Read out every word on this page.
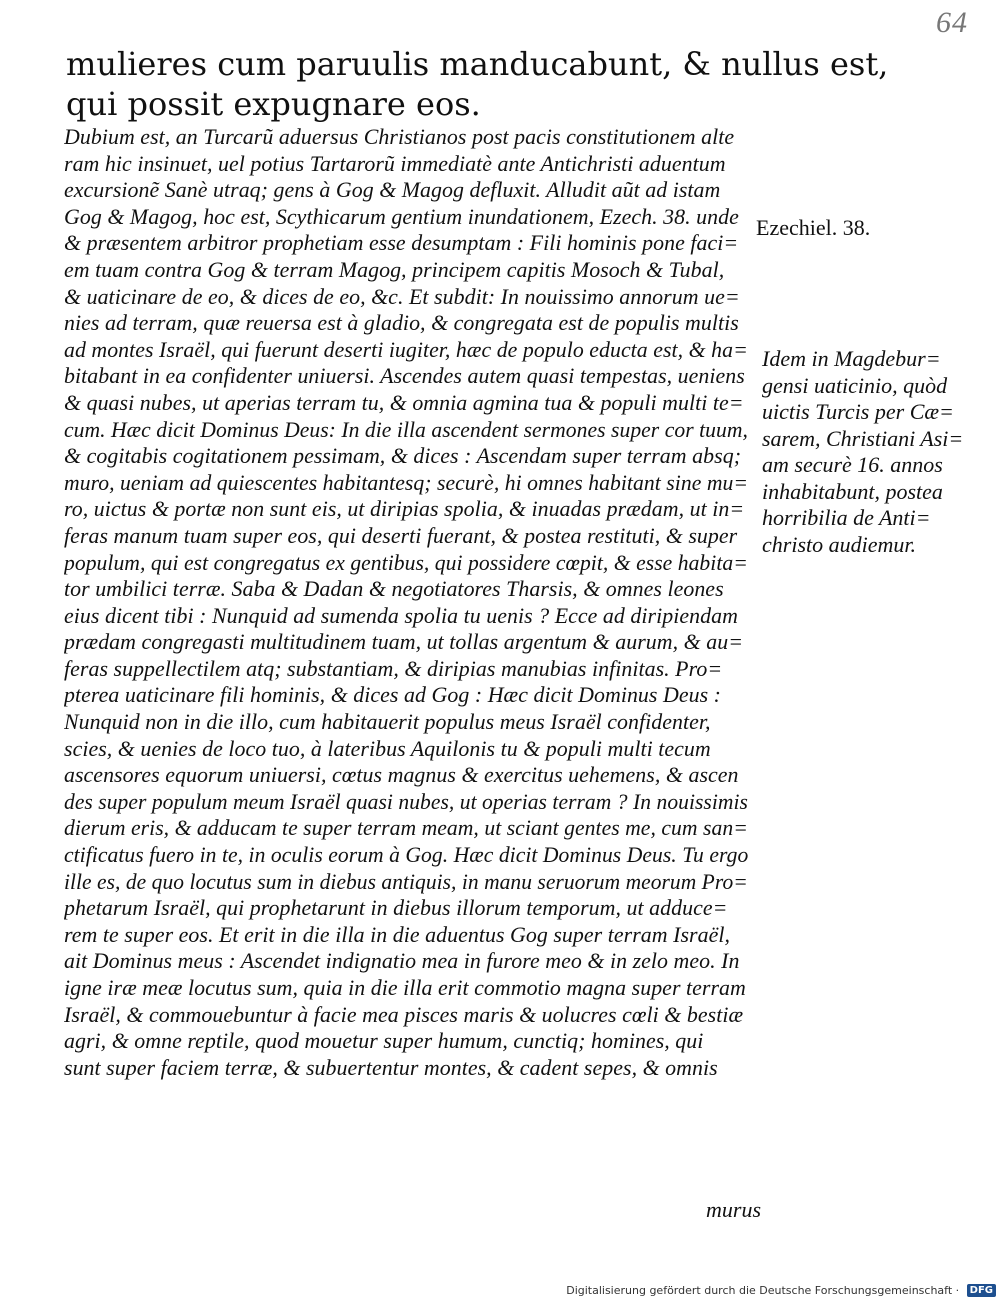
64
mulieres cum paruulis manducabunt, & nullus est,
qui possit expugnare eos.
Dubium est, an Turcarũ aduersus Christianos post pacis constitutionem alte
ram hic insinuet, uel potius Tartarorũ immediatè ante Antichristi aduentum
excursionẽ Sanè utraq; gens à Gog & Magog defluxit. Alludit aũt ad istam
Gog & Magog, hoc est, Scythicarum gentium inundationem, Ezech. 38. unde
& præsentem arbitror prophetiam esse desumptam : Fili hominis pone faci=
em tuam contra Gog & terram Magog, principem capitis Mosoch & Tubal,
& uaticinare de eo, & dices de eo, &c. Et subdit: In nouissimo annorum ue=
nies ad terram, quæ reuersa est à gladio, & congregata est de populis multis
ad montes Israël, qui fuerunt deserti iugiter, hæc de populo educta est, & ha=
bitabant in ea confidenter uniuersi. Ascendes autem quasi tempestas, ueniens
& quasi nubes, ut aperias terram tu, & omnia agmina tua & populi multi te=
cum. Hæc dicit Dominus Deus: In die illa ascendent sermones super cor tuum,
& cogitabis cogitationem pessimam, & dices : Ascendam super terram absq;
muro, ueniam ad quiescentes habitantesq; securè, hi omnes habitant sine mu=
ro, uictus & portæ non sunt eis, ut diripias spolia, & inuadas prædam, ut in=
feras manum tuam super eos, qui deserti fuerant, & postea restituti, & super
populum, qui est congregatus ex gentibus, qui possidere cœpit, & esse habita=
tor umbilici terræ. Saba & Dadan & negotiatores Tharsis, & omnes leones
eius dicent tibi : Nunquid ad sumenda spolia tu uenis ? Ecce ad diripiendam
prædam congregasti multitudinem tuam, ut tollas argentum & aurum, & au=
feras suppellectilem atq; substantiam, & diripias manubias infinitas. Pro=
pterea uaticinare fili hominis, & dices ad Gog : Hæc dicit Dominus Deus :
Nunquid non in die illo, cum habitauerit populus meus Israël confidenter,
scies, & uenies de loco tuo, à lateribus Aquilonis tu & populi multi tecum
ascensores equorum uniuersi, cœtus magnus & exercitus uehemens, & ascen
des super populum meum Israël quasi nubes, ut operias terram ? In nouissimis
dierum eris, & adducam te super terram meam, ut sciant gentes me, cum san=
ctificatus fuero in te, in oculis eorum à Gog. Hæc dicit Dominus Deus. Tu ergo
ille es, de quo locutus sum in diebus antiquis, in manu seruorum meorum Pro=
phetarum Israël, qui prophetarunt in diebus illorum temporum, ut adduce=
rem te super eos. Et erit in die illa in die aduentus Gog super terram Israël,
ait Dominus meus : Ascendet indignatio mea in furore meo & in zelo meo. In
igne iræ meæ locutus sum, quia in die illa erit commotio magna super terram
Israël, & commouebuntur à facie mea pisces maris & uolucres cœli & bestiæ
agri, & omne reptile, quod mouetur super humum, cunctiq; homines, qui
sunt super faciem terræ, & subuertentur montes, & cadent sepes, & omnis
murus
Ezechiel. 38.
Idem in Magdebur=
gensi uaticinio, quòd
uictis Turcis per Cæ=
sarem, Christiani Asi=
am securè 16. annos
inhabitabunt, postea
horribilia de Anti=
christo audiemur.
Digitalisierung gefördert durch die Deutsche Forschungsgemeinschaft · DFG
